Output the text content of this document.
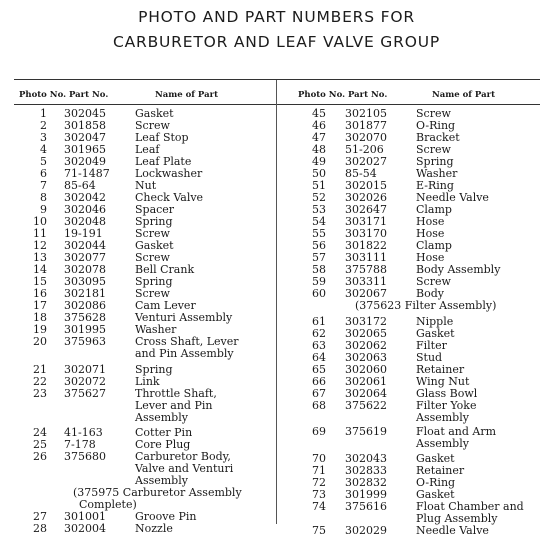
PHOTO AND PART NUMBERS FOR
CARBURETOR AND LEAF VALVE GROUP
Photo No. Part No.	Name of Part	Photo No. Part No.	Name of Part
1 302045	Gasket
2 301858	Screw
3 302047	Leaf Stop
4 301965	Leaf
5 302049	Leaf Plate
6 71-1487 Lockwasher
7 85-64	Nut
8 302042	Check Valve
9 302046	Spacer
10 302048	Spring
11 19-191	Screw
12 302044	Gasket
13 302077	Screw
14 302078	Bell Crank
15 303095	Spring
16 302181	Screw
17 302086	Cam Lever
18 375628	Venturi Assembly
19 301995	Washer
20 375963	Cross Shaft, Lever
and Pin Assembly
21 302071	Spring
22 302072	Link
23 375627	Throttle Shaft,
Lever and Pin
Assembly
24 41-163	Cotter Pin
25 7-178	Core Plug
26 375680	Carburetor Body,
Valve and Venturi
Assembly
(375975 Carburetor Assembly
Complete)
27 301001	Groove Pin
28 302004	Nozzle
45 302105	Screw
46 301877	O-Ring
47 302070	Bracket
48 51-206	Screw
49 302027	Spring
50 85-54	Washer
51 302015	E-Ring
52 302026	Needle Valve
53 302647	Clamp
54 303171	Hose
55 303170	Hose
56 301822	Clamp
57 303111	Hose
58 375788	Body Assembly
59 303311	Screw
60 302067	Body
(375623 Filter Assembly)
61 303172	Nipple
62 302065	Gasket
63 302062	Filter
64 302063	Stud
65 302060	Retainer
66 302061	Wing Nut
67 302064	Glass Bowl
68 375622	Filter Yoke
Assembly
69 375619	Float and Arm
Assembly
70 302043	Gasket
71 302833	Retainer
72 302832	O-Ring
73 301999	Gasket
74 375616	Float Chamber and
Plug Assembly
75 302029	Needle Valve
